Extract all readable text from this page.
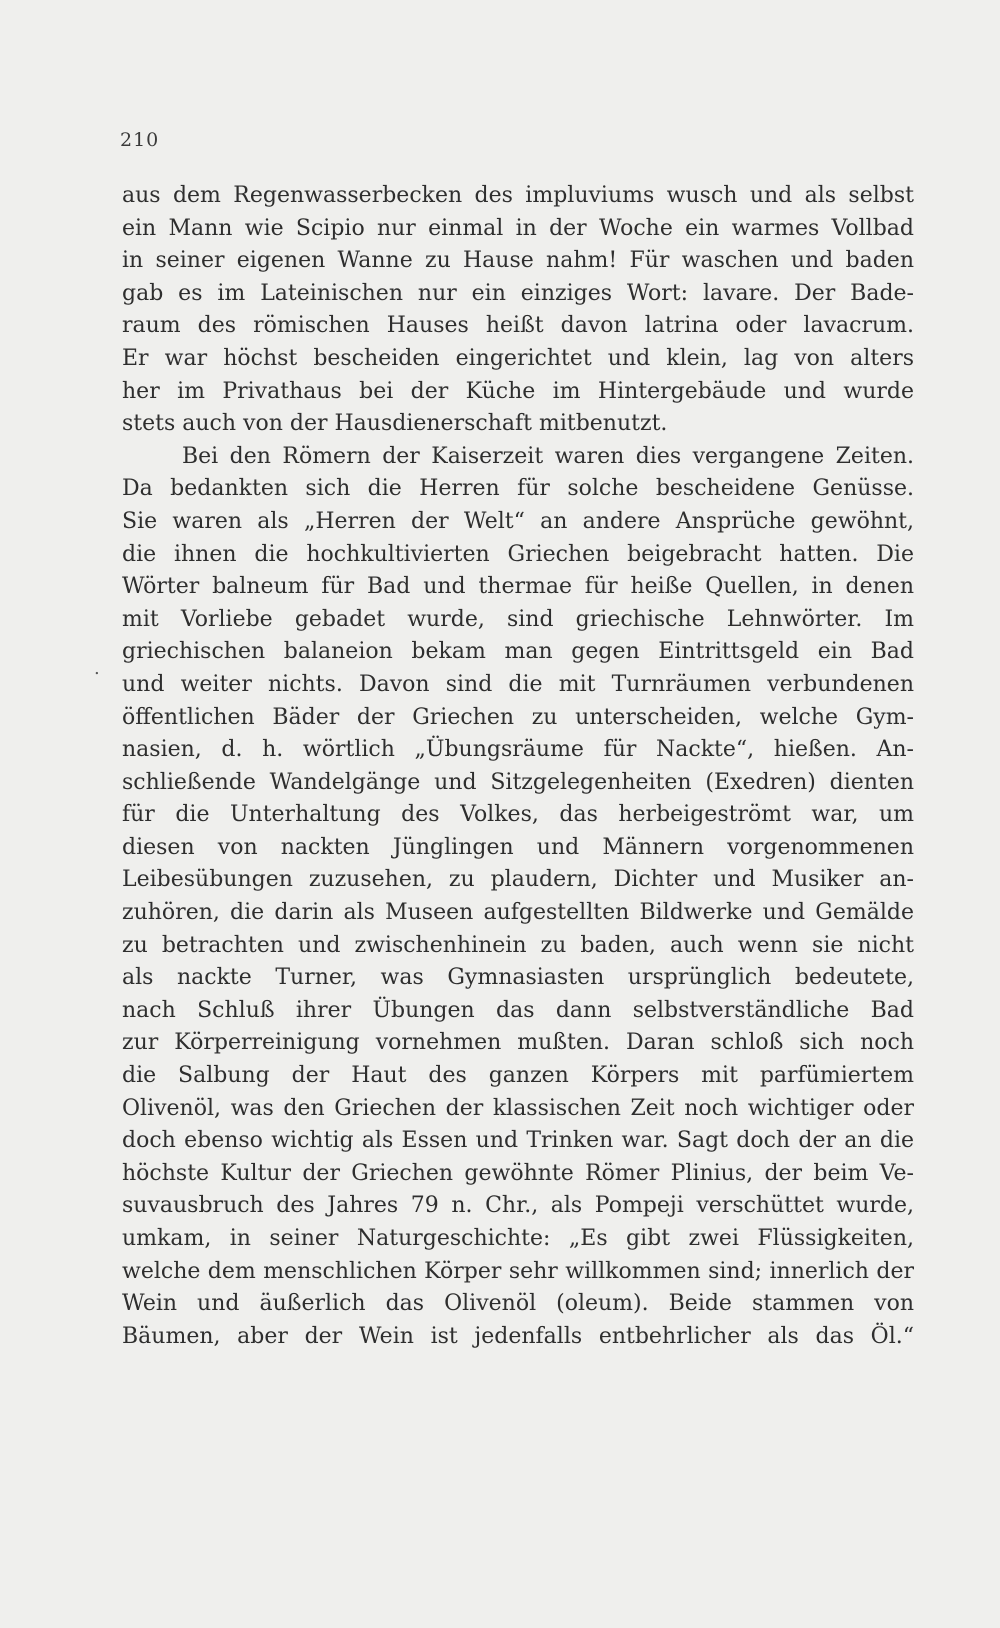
210
.
aus dem Regenwasserbecken des impluviums wusch und als selbst
ein Mann wie Scipio nur einmal in der Woche ein warmes Vollbad
in seiner eigenen Wanne zu Hause nahm! Für waschen und baden
gab es im Lateinischen nur ein einziges Wort: lavare. Der Bade-
raum des römischen Hauses heißt davon latrina oder lavacrum.
Er war höchst bescheiden eingerichtet und klein, lag von alters
her im Privathaus bei der Küche im Hintergebäude und wurde
stets auch von der Hausdienerschaft mitbenutzt.
Bei den Römern der Kaiserzeit waren dies vergangene Zeiten.
Da bedankten sich die Herren für solche bescheidene Genüsse.
Sie waren als „Herren der Welt“ an andere Ansprüche gewöhnt,
die ihnen die hochkultivierten Griechen beigebracht hatten. Die
Wörter balneum für Bad und thermae für heiße Quellen, in denen
mit Vorliebe gebadet wurde, sind griechische Lehnwörter. Im
griechischen balaneion bekam man gegen Eintrittsgeld ein Bad
und weiter nichts. Davon sind die mit Turnräumen verbundenen
öffentlichen Bäder der Griechen zu unterscheiden, welche Gym-
nasien, d. h. wörtlich „Übungsräume für Nackte“, hießen. An-
schließende Wandelgänge und Sitzgelegenheiten (Exedren) dienten
für die Unterhaltung des Volkes, das herbeigeströmt war, um
diesen von nackten Jünglingen und Männern vorgenommenen
Leibesübungen zuzusehen, zu plaudern, Dichter und Musiker an-
zuhören, die darin als Museen aufgestellten Bildwerke und Gemälde
zu betrachten und zwischenhinein zu baden, auch wenn sie nicht
als nackte Turner, was Gymnasiasten ursprünglich bedeutete,
nach Schluß ihrer Übungen das dann selbstverständliche Bad
zur Körperreinigung vornehmen mußten. Daran schloß sich noch
die Salbung der Haut des ganzen Körpers mit parfümiertem
Olivenöl, was den Griechen der klassischen Zeit noch wichtiger oder
doch ebenso wichtig als Essen und Trinken war. Sagt doch der an die
höchste Kultur der Griechen gewöhnte Römer Plinius, der beim Ve-
suvausbruch des Jahres 79 n. Chr., als Pompeji verschüttet wurde,
umkam, in seiner Naturgeschichte: „Es gibt zwei Flüssigkeiten,
welche dem menschlichen Körper sehr willkommen sind; innerlich der
Wein und äußerlich das Olivenöl (oleum). Beide stammen von
Bäumen, aber der Wein ist jedenfalls entbehrlicher als das Öl.“
